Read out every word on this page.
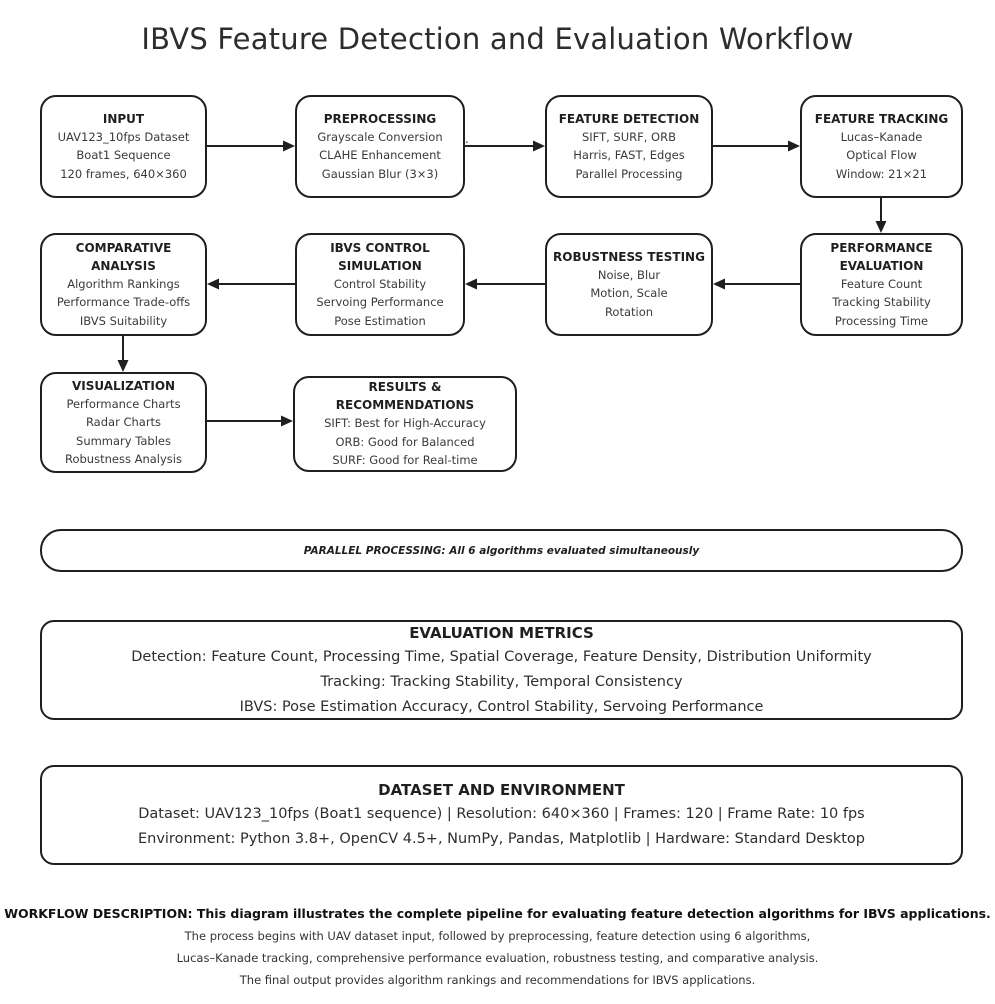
IBVS Feature Detection and Evaluation Workflow
INPUT
UAV123_10fps Dataset
Boat1 Sequence
120 frames, 640×360
PREPROCESSING
Grayscale Conversion
CLAHE Enhancement
Gaussian Blur (3×3)
FEATURE DETECTION
SIFT, SURF, ORB
Harris, FAST, Edges
Parallel Processing
FEATURE TRACKING
Lucas–Kanade
Optical Flow
Window: 21×21
COMPARATIVE ANALYSIS
Algorithm Rankings
Performance Trade-offs
IBVS Suitability
IBVS CONTROL SIMULATION
Control Stability
Servoing Performance
Pose Estimation
ROBUSTNESS TESTING
Noise, Blur
Motion, Scale
Rotation
PERFORMANCE EVALUATION
Feature Count
Tracking Stability
Processing Time
VISUALIZATION
Performance Charts
Radar Charts
Summary Tables
Robustness Analysis
RESULTS & RECOMMENDATIONS
SIFT: Best for High-Accuracy
ORB: Good for Balanced
SURF: Good for Real-time
.
PARALLEL PROCESSING: All 6 algorithms evaluated simultaneously
EVALUATION METRICS
Detection: Feature Count, Processing Time, Spatial Coverage, Feature Density, Distribution Uniformity
Tracking: Tracking Stability, Temporal Consistency
IBVS: Pose Estimation Accuracy, Control Stability, Servoing Performance
DATASET AND ENVIRONMENT
Dataset: UAV123_10fps (Boat1 sequence) | Resolution: 640×360 | Frames: 120 | Frame Rate: 10 fps
Environment: Python 3.8+, OpenCV 4.5+, NumPy, Pandas, Matplotlib | Hardware: Standard Desktop
WORKFLOW DESCRIPTION: This diagram illustrates the complete pipeline for evaluating feature detection algorithms for IBVS applications.
The process begins with UAV dataset input, followed by preprocessing, feature detection using 6 algorithms,
Lucas–Kanade tracking, comprehensive performance evaluation, robustness testing, and comparative analysis.
The final output provides algorithm rankings and recommendations for IBVS applications.
